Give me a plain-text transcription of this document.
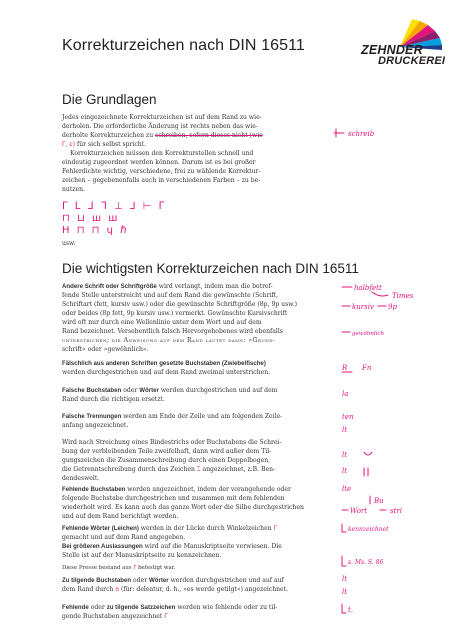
Korrekturzeichen nach DIN 16511	ZEHNDER
DRUCKEREI
Die Grundlagen
Jedes eingezeichnete Korrekturzeichen ist auf dem Rand zu wie-
derholen. Die erforderliche Änderung ist rechts neben das wie-
derholte Korrekturzeichen zu schreiben, sofern dieses nicht (wie
ᒥ, ɕ) für sich selbst spricht.
Korrekturzeichen müssen den Korrekturstellen schnell und
eindeutig zugeordnet werden können. Darum ist es bei großer
Fehlerdichte wichtig, verschiedene, frei zu wählende Korrektur-
zeichen – gegebenenfalls auch in verschiedenen Farben – zu be-
nutzen.
schreib
ᒥ ᒪ ᒧ ᒣ ⊥ ⅃ ⊢ ᒥ
⊓ ⊔ ш ш
Η ⊓ ⊓ ɥ ℏ
usw.
Die wichtigsten Korrekturzeichen nach DIN 16511
Andere Schrift oder Schriftgröße wird verlangt, indem man die betref-
fende Stelle unterstreicht und auf dem Rand die gewünschte (Schrift,
Schriftart (fett, kursiv usw.) oder die gewünschte Schriftgröße (8p, 9p usw.)
oder beides (8p fett, 9p kursiv usw.) vermerkt. Gewünschte Kursivschrift
wird oft nur durch eine Wellenlinie unter dem Wort und auf dem
Rand bezeichnet. Versehentlich falsch Hervorgehobenes wird ebenfalls
unterstrichen; die Anweisung auf dem Rand lautet dann: »Grund-
schrift« oder »gewöhnlich«.
halbfett
Times
kursiv 9p
gewöhnlich
Fälschlich aus anderen Schriften gesetzte Buchstaben (Zwiebelfische)
werden durchgestrichen und auf dem Rand zweimal unterstrichen.
R Fn
Falsche Buchstaben oder Wörter werden durchgestrichen und auf dem
Rand durch die richtigen ersetzt.
la
Falsche Trennungen werden am Ende der Zeile und am folgenden Zeile-
anfang angezeichnet.
ten
lt
Wird nach Streichung eines Bindestrichs oder Buchstabens die Schrei-
bung der verbleibenden Teile zweifelhaft, dann wird außer dem Til-
gungszeichen die Zusammenschreibung durch einen Doppelbogen,
die Getrenntschreibung durch das Zeichen ⌶ angezeichnet, z.B. Ben-
dendeswelt.
lt
lt
Fehlende Buchstaben werden angezeichnet, indem der vorangehende oder
folgende Buchstabe durchgestrichen und zusammen mit dem fehlenden
wiederholt wird. Es kann auch das ganze Wort oder die Silbe durchgestrichen
und auf dem Rand berichtigt werden.
lte
Bu
Wort	stri
Fehlende Wörter (Leichen) werden in der Lücke durch Winkelzeichen ᒥ
gemacht und auf dem Rand angegeben.
Bei größeren Auslassungen wird auf die Manuskriptseite verwiesen. Die
Stelle ist auf der Manuskriptseite zu kennzeichnen.
Diese Presse bestand aus ᒥ befestigt war.
kennzeichnet
s. Ms. S. 86
Zu tilgende Buchstaben oder Wörter werden durchgestrichen und auf auf
dem Rand durch ꝺ (für: deleatur, d. h., »es werde getilgt«) angezeichnet.
lt
lt
Fehlende oder zu tilgende Satzzeichen werden wie fehlende oder zu til-
gende Buchstaben angezeichnet ᒥ
t.
